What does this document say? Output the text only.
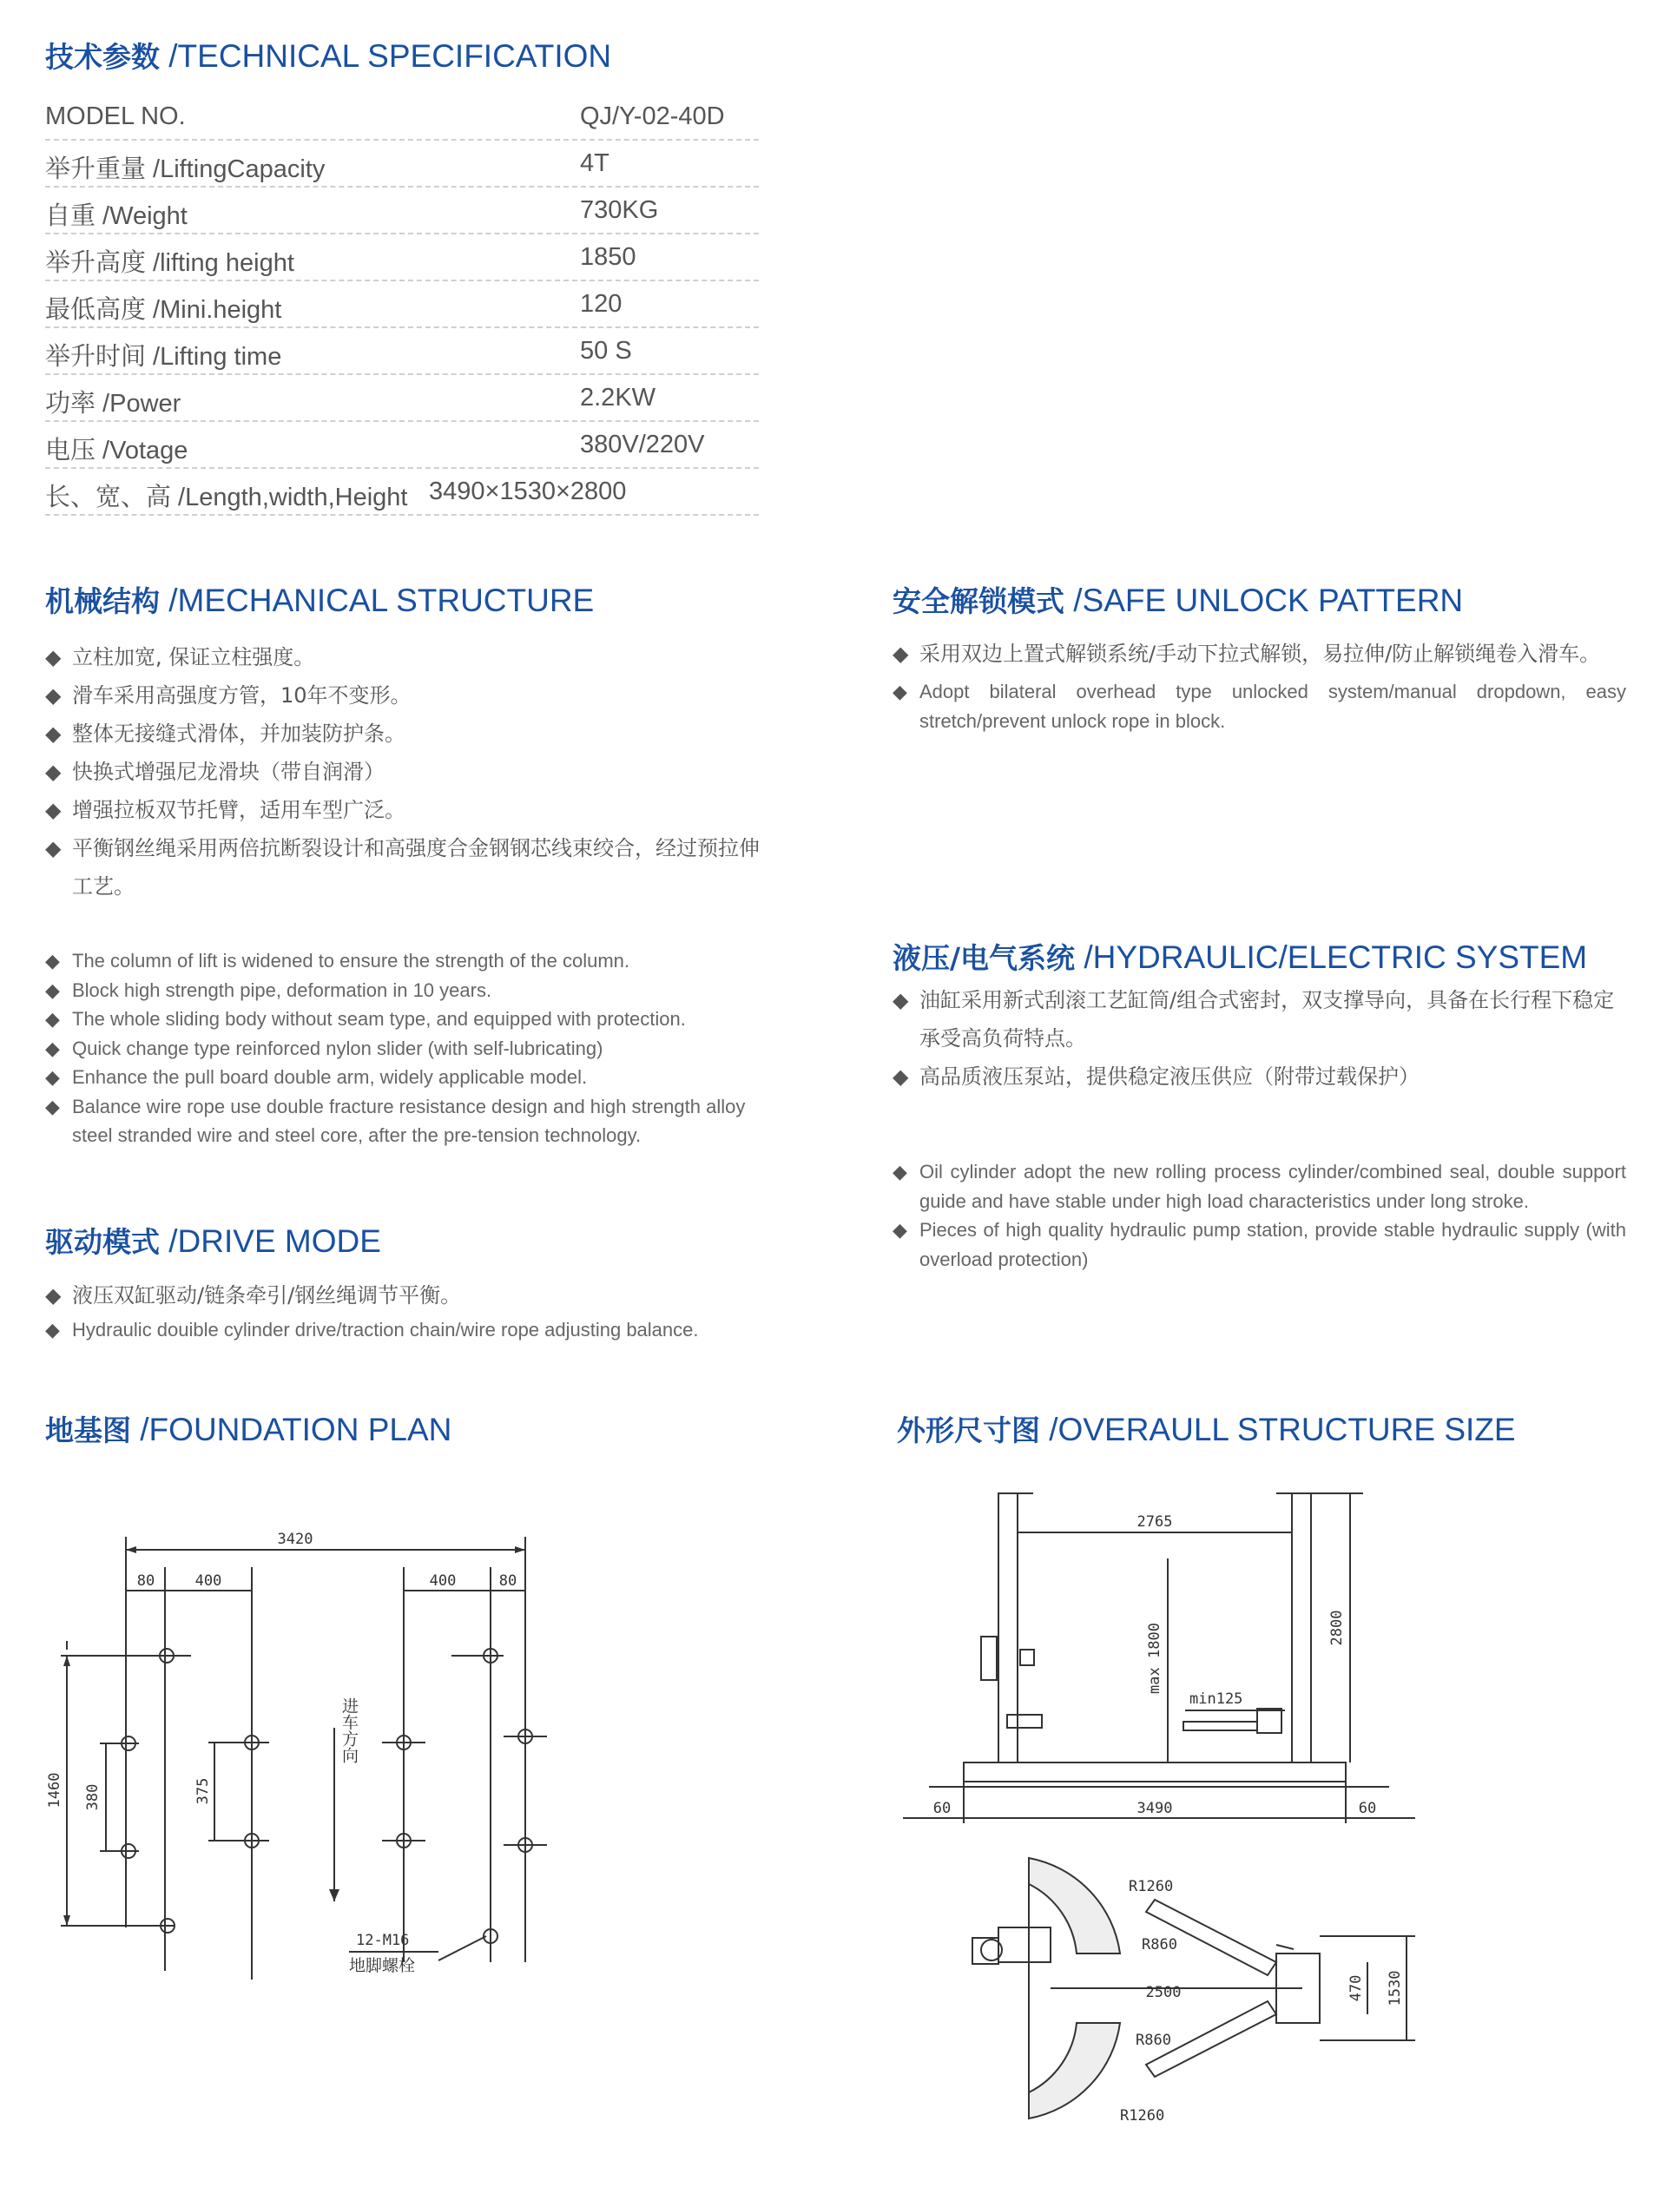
技术参数 /TECHNICAL SPECIFICATION
MODEL NO.	QJ/Y-02-40D
举升重量 /LiftingCapacity	4T
自重 /Weight	730KG
举升高度 /lifting height	1850
最低高度 /Mini.height	120
举升时间 /Lifting time	50 S
功率 /Power	2.2KW
电压 /Votage	380V/220V
长、宽、高 /Length,width,Height 3490×1530×2800
机械结构 /MECHANICAL STRUCTURE
◆ 立柱加宽, 保证立柱强度。
◆ 滑车采用高强度方管，10年不变形。
◆ 整体无接缝式滑体，并加装防护条。
◆ 快换式增强尼龙滑块（带自润滑）
◆ 增强拉板双节托臂，适用车型广泛。
◆ 平衡钢丝绳采用两倍抗断裂设计和高强度合金钢钢芯线束绞合，经过预拉伸工艺。
◆ The column of lift is widened to ensure the strength of the column.
◆ Block high strength pipe, deformation in 10 years.
◆ The whole sliding body without seam type, and equipped with protection.
◆ Quick change type reinforced nylon slider (with self-lubricating)
◆ Enhance the pull board double arm, widely applicable model.
◆ Balance wire rope use double fracture resistance design and high strength alloy steel stranded wire and steel core, after the pre-tension technology.
驱动模式 /DRIVE MODE
◆ 液压双缸驱动/链条牵引/钢丝绳调节平衡。
◆ Hydraulic douible cylinder drive/traction chain/wire rope adjusting balance.
安全解锁模式 /SAFE UNLOCK PATTERN
◆ 采用双边上置式解锁系统/手动下拉式解锁，易拉伸/防止解锁绳卷入滑车。
◆ Adopt bilateral overhead type unlocked system/manual dropdown, easy stretch/prevent unlock rope in block.
液压/电气系统 /HYDRAULIC/ELECTRIC SYSTEM
◆ 油缸采用新式刮滚工艺缸筒/组合式密封，双支撑导向，具备在长行程下稳定承受高负荷特点。
◆ 高品质液压泵站，提供稳定液压供应（附带过载保护）
◆ Oil cylinder adopt the new rolling process cylinder/combined seal, double support guide and have stable under high load characteristics under long stroke.
◆ Pieces of high quality hydraulic pump station, provide stable hydraulic supply (with overload protection)
地基图 /FOUNDATION PLAN
3420
80	400	400	80
1460 380	375
12-M16
进车方向
地脚螺栓
外形尺寸图 /OVERAULL STRUCTURE SIZE
2765
2800
max 1800
min125
3490
60	60
R1260
R860
2500
R860
R1260
470 1530
